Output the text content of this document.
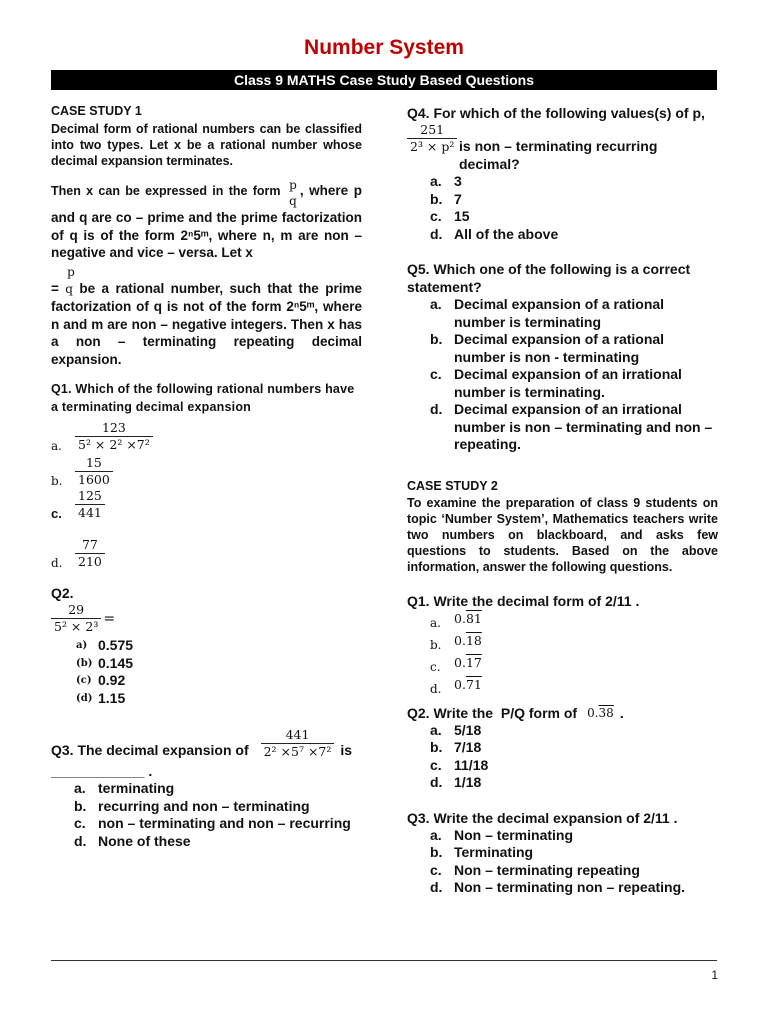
Number System
Class 9 MATHS Case Study Based Questions
CASE STUDY 1
Decimal form of rational numbers can be classified into two types. Let x be a rational number whose decimal expansion terminates.
Then x can be expressed in the form p
q
, where p and q are co – prime and the prime factorization of q is of the form 2ⁿ5ᵐ, where n, m are non – negative and vice – versa. Let x
p
= q be a rational number, such that the prime factorization of q is not of the form 2ⁿ5ᵐ, where n and m are non – negative integers. Then x has a non – terminating repeating decimal expansion.
Q1. Which of the following rational numbers have a terminating decimal expansion
a.	$\frac{123}{\text{5² × 2² ×7²}}$
b.	$\frac{15}{1600}$
c.	$\frac{125}{441}$
d.	$\frac{77}{210}$
Q2.
$\frac{29}{\text{5² × 2³}}$ =
a) 0.575
(b) 0.145
(c) 0.92
(d) 1.15
Q3. The decimal expansion of $\frac{441}{\text{2² ×5⁷ ×7²}}$ is
____________ .
a. terminating
b. recurring and non – terminating
c. non – terminating and non – recurring
d. None of these
Q4. For which of the following values(s) of p,
$\frac{251}{\text{2³ × p²}}$ is non – terminating recurring decimal?
a. 3
b. 7
c. 15
d. All of the above
Q5. Which one of the following is a correct statement?
a. Decimal expansion of a rational number is terminating
b. Decimal expansion of a rational number is non - terminating
c. Decimal expansion of an irrational number is terminating.
d. Decimal expansion of an irrational number is non – terminating and non – repeating.
CASE STUDY 2
To examine the preparation of class 9 students on topic ‘Number System’, Mathematics teachers write two numbers on blackboard, and asks few questions to students. Based on the above information, answer the following questions.
Q1. Write the decimal form of 2/11 .
a.	0.81
b.	0.18
c.	0.17
d.	0.71
Q2. Write the  P/Q form of 0.38 .
a. 5/18
b. 7/18
c. 11/18
d. 1/18
Q3. Write the decimal expansion of 2/11 .
a. Non – terminating
b. Terminating
c. Non – terminating repeating
d. Non – terminating non – repeating.
1
